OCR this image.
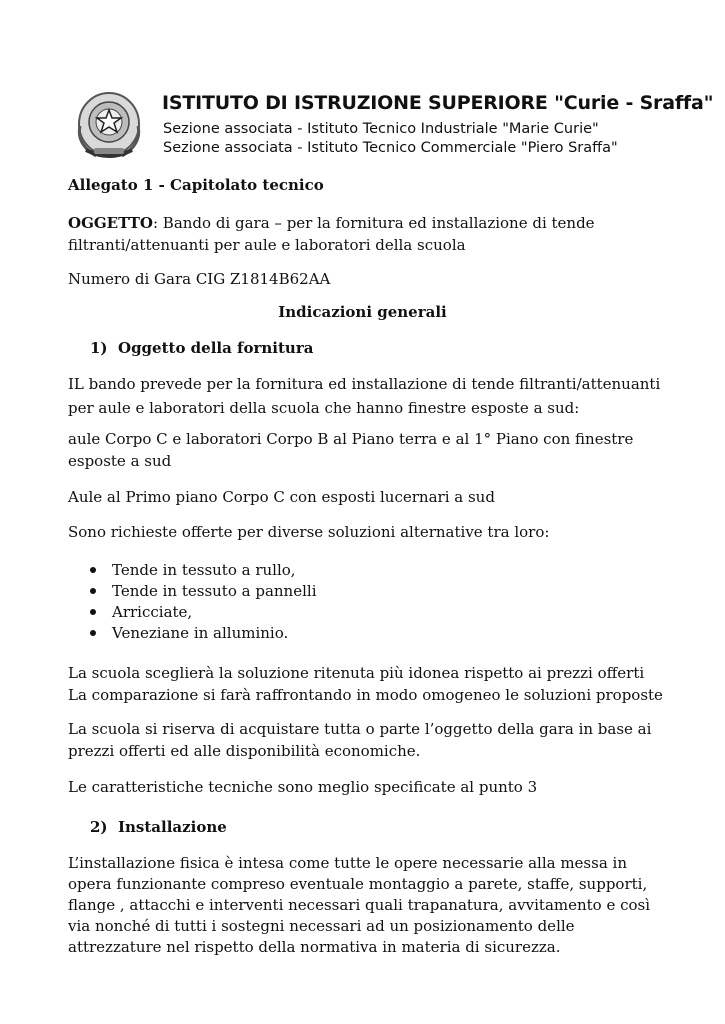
ISTITUTO DI ISTRUZIONE SUPERIORE "Curie - Sraffa"
Sezione associata - Istituto Tecnico Industriale "Marie Curie"
Sezione associata - Istituto Tecnico Commerciale "Piero Sraffa"
Allegato 1 - Capitolato tecnico
OGGETTO: Bando di gara – per la fornitura ed installazione di tende
filtranti/attenuanti per aule e laboratori della scuola
Numero di Gara CIG Z1814B62AA
Indicazioni generali
1) Oggetto della fornitura
IL bando prevede per la fornitura ed installazione di tende filtranti/attenuanti per aule e laboratori della scuola che hanno finestre esposte a sud:
aule Corpo C e laboratori Corpo B al Piano terra e al 1° Piano con finestre esposte a sud
Aule al Primo piano Corpo C con esposti lucernari a sud
Sono richieste offerte per diverse soluzioni alternative tra loro:
Tende in tessuto a rullo,
Tende in tessuto a pannelli
Arricciate,
Veneziane in alluminio.
La scuola sceglierà la soluzione ritenuta più idonea rispetto ai prezzi offerti
La comparazione si farà raffrontando in modo omogeneo le soluzioni proposte
La scuola si riserva di acquistare tutta o parte l’oggetto della gara in base ai prezzi offerti ed alle disponibilità economiche.
Le caratteristiche tecniche sono meglio specificate al punto 3
2) Installazione
L’installazione fisica è intesa come tutte le opere necessarie alla messa in opera funzionante compreso eventuale montaggio a parete, staffe, supporti, flange , attacchi e interventi necessari quali trapanatura, avvitamento e così via nonché di tutti i sostegni necessari ad un posizionamento delle attrezzature nel rispetto della normativa in materia di sicurezza.
